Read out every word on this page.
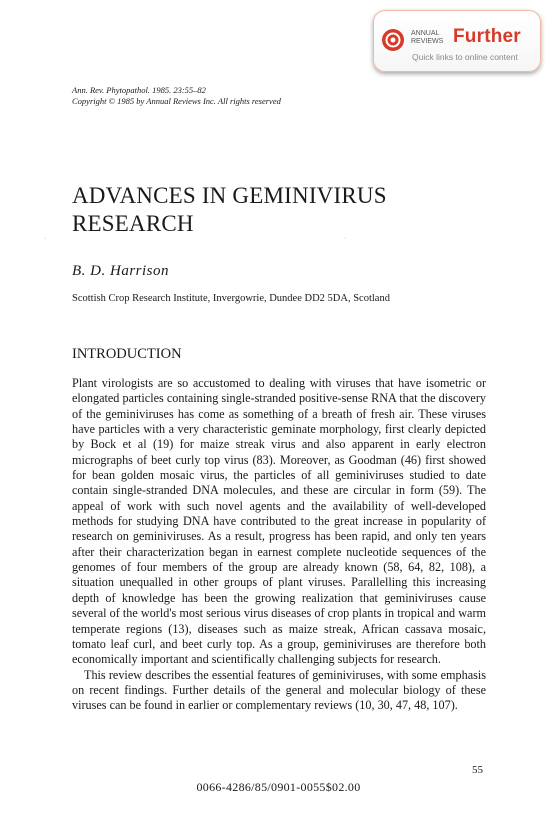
ANNUAL REVIEWS Further
Quick links to online content
Ann. Rev. Phytopathol. 1985. 23:55–82
Copyright © 1985 by Annual Reviews Inc. All rights reserved
ADVANCES IN GEMINIVIRUS
RESEARCH
·	·
B. D. Harrison
Scottish Crop Research Institute, Invergowrie, Dundee DD2 5DA, Scotland
INTRODUCTION

Plant virologists are so accustomed to dealing with viruses that have isometric or elongated particles containing single-stranded positive-sense RNA that the discovery of the geminiviruses has come as something of a breath of fresh air. These viruses have particles with a very characteristic geminate morphology, first clearly depicted by Bock et al (19) for maize streak virus and also apparent in early electron micrographs of beet curly top virus (83). Moreover, as Goodman (46) first showed for bean golden mosaic virus, the particles of all geminiviruses studied to date contain single-stranded DNA molecules, and these are circular in form (59). The appeal of work with such novel agents and the availability of well-developed methods for studying DNA have contributed to the great increase in popularity of research on geminiviruses. As a result, progress has been rapid, and only ten years after their characterization began in earnest complete nucleotide sequences of the genomes of four members of the group are already known (58, 64, 82, 108), a situation unequalled in other groups of plant viruses. Parallelling this increasing depth of knowledge has been the growing realization that geminiviruses cause several of the world's most serious virus diseases of crop plants in tropical and warm temperate regions (13), diseases such as maize streak, African cassava mosaic, tomato leaf curl, and beet curly top. As a group, geminiviruses are therefore both economically important and scientifically challenging subjects for research.

This review describes the essential features of geminiviruses, with some emphasis on recent findings. Further details of the general and molecular biology of these viruses can be found in earlier or complementary reviews (10, 30, 47, 48, 107).

55
0066-4286/85/0901-0055$02.00
